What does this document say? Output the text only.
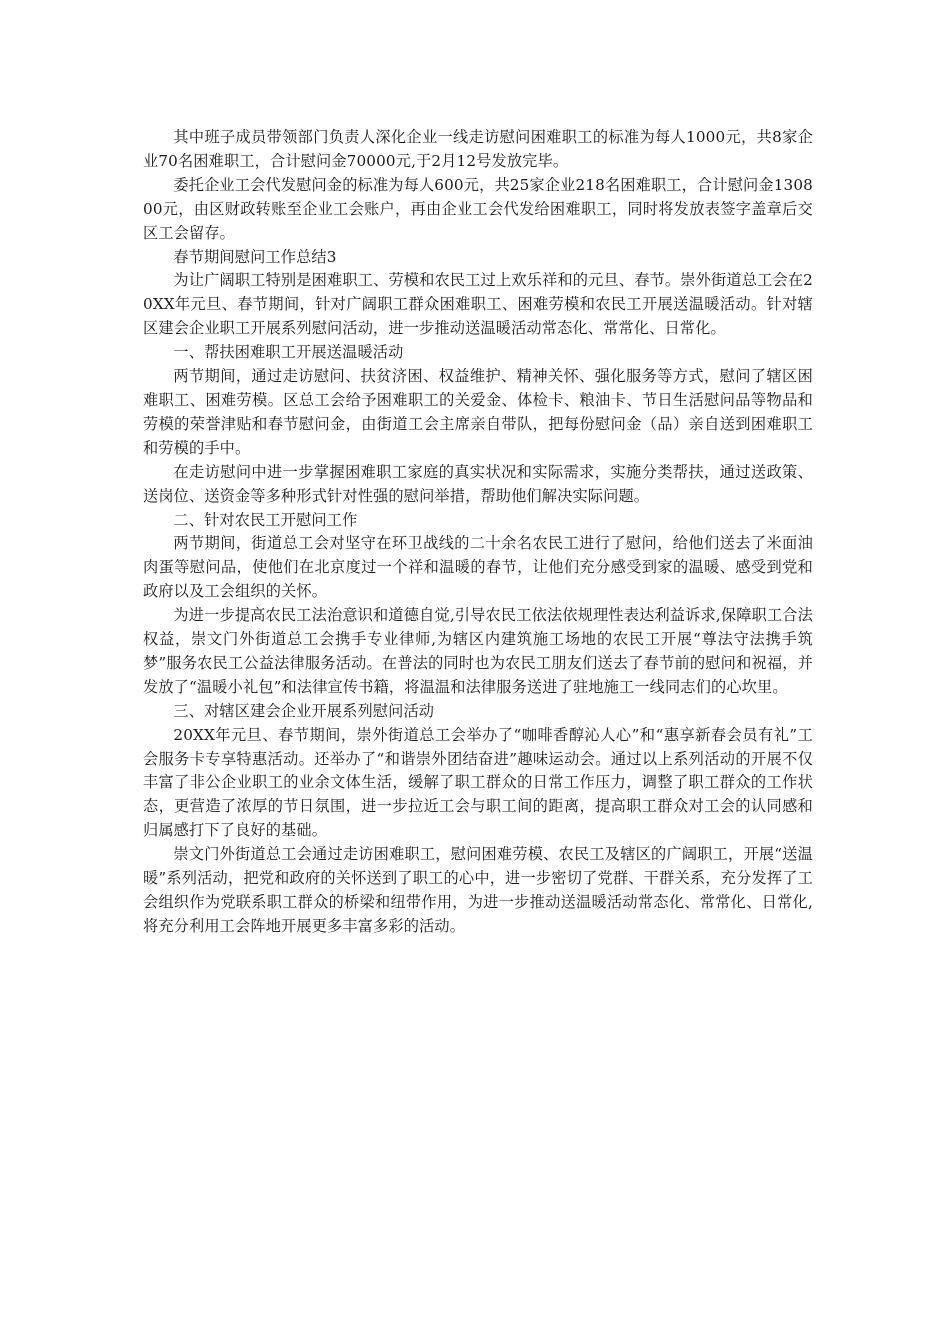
其中班子成员带领部门负责人深化企业一线走访慰问困难职工的标准为每人1000元，共8家企业70名困难职工，合计慰问金70000元,于2月12号发放完毕。

委托企业工会代发慰问金的标准为每人600元，共25家企业218名困难职工，合计慰问金130800元，由区财政转账至企业工会账户，再由企业工会代发给困难职工，同时将发放表签字盖章后交区工会留存。

春节期间慰问工作总结3

为让广阔职工特别是困难职工、劳模和农民工过上欢乐祥和的元旦、春节。崇外街道总工会在20XX年元旦、春节期间，针对广阔职工群众困难职工、困难劳模和农民工开展送温暖活动。针对辖区建会企业职工开展系列慰问活动，进一步推动送温暖活动常态化、常常化、日常化。

一、帮扶困难职工开展送温暖活动

两节期间，通过走访慰问、扶贫济困、权益维护、精神关怀、强化服务等方式，慰问了辖区困难职工、困难劳模。区总工会给予困难职工的关爱金、体检卡、粮油卡、节日生活慰问品等物品和劳模的荣誉津贴和春节慰问金，由街道工会主席亲自带队，把每份慰问金（品）亲自送到困难职工和劳模的手中。

在走访慰问中进一步掌握困难职工家庭的真实状况和实际需求，实施分类帮扶，通过送政策、送岗位、送资金等多种形式针对性强的慰问举措，帮助他们解决实际问题。

二、针对农民工开慰问工作

两节期间，街道总工会对坚守在环卫战线的二十余名农民工进行了慰问，给他们送去了米面油肉蛋等慰问品，使他们在北京度过一个祥和温暖的春节，让他们充分感受到家的温暖、感受到党和政府以及工会组织的关怀。

为进一步提高农民工法治意识和道德自觉,引导农民工依法依规理性表达利益诉求,保障职工合法权益，崇文门外街道总工会携手专业律师,为辖区内建筑施工场地的农民工开展“尊法守法携手筑梦”服务农民工公益法律服务活动。在普法的同时也为农民工朋友们送去了春节前的慰问和祝福，并发放了“温暖小礼包”和法律宣传书籍，将温温和法律服务送进了驻地施工一线同志们的心坎里。

三、对辖区建会企业开展系列慰问活动

20XX年元旦、春节期间，崇外街道总工会举办了“咖啡香醇沁人心”和“惠享新春会员有礼”工会服务卡专享特惠活动。还举办了“和谐崇外团结奋进”趣味运动会。通过以上系列活动的开展不仅丰富了非公企业职工的业余文体生活，缓解了职工群众的日常工作压力，调整了职工群众的工作状态，更营造了浓厚的节日氛围，进一步拉近工会与职工间的距离，提高职工群众对工会的认同感和归属感打下了良好的基础。

崇文门外街道总工会通过走访困难职工，慰问困难劳模、农民工及辖区的广阔职工，开展“送温暖”系列活动，把党和政府的关怀送到了职工的心中，进一步密切了党群、干群关系，充分发挥了工会组织作为党联系职工群众的桥梁和纽带作用，为进一步推动送温暖活动常态化、常常化、日常化,将充分利用工会阵地开展更多丰富多彩的活动。
